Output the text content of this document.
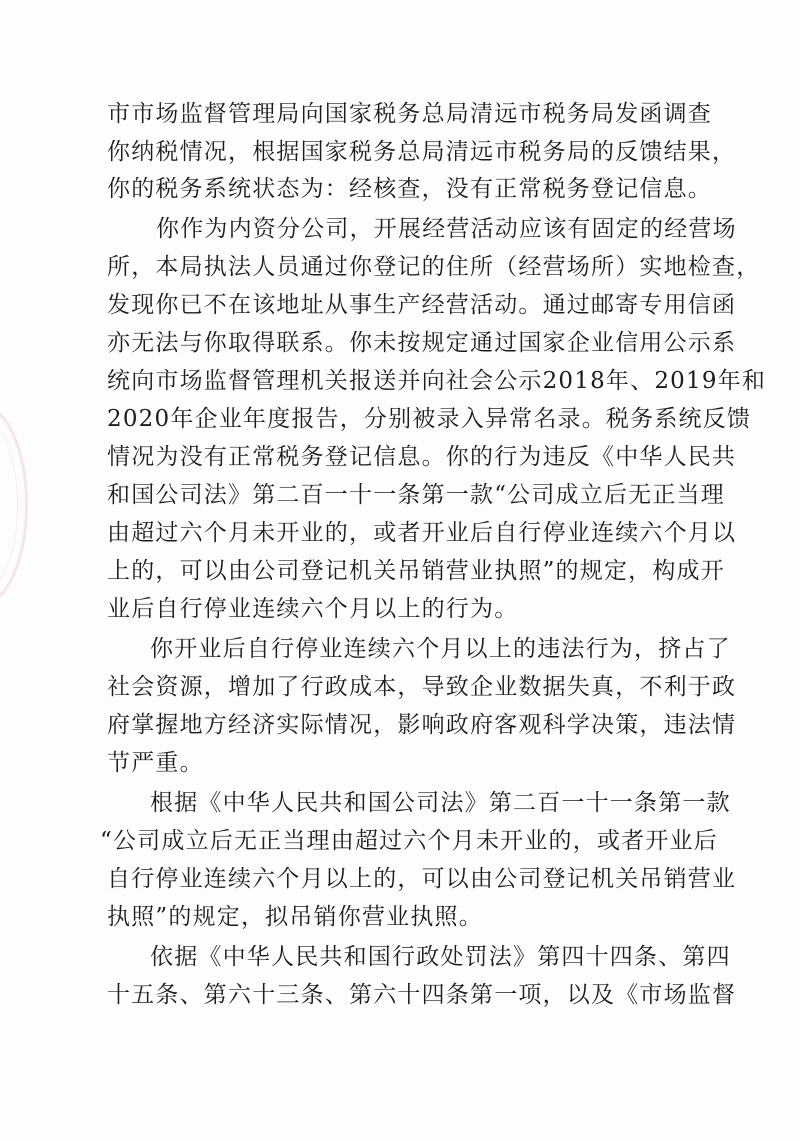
市市场监督管理局向国家税务总局清远市税务局发函调查
你纳税情况，根据国家税务总局清远市税务局的反馈结果，
你的税务系统状态为：经核查，没有正常税务登记信息。
你作为内资分公司，开展经营活动应该有固定的经营场
所，本局执法人员通过你登记的住所（经营场所）实地检查，
发现你已不在该地址从事生产经营活动。通过邮寄专用信函
亦无法与你取得联系。你未按规定通过国家企业信用公示系
统向市场监督管理机关报送并向社会公示2018年、2019年和
2020年企业年度报告，分别被录入异常名录。税务系统反馈
情况为没有正常税务登记信息。你的行为违反《中华人民共
和国公司法》第二百一十一条第一款“公司成立后无正当理
由超过六个月未开业的，或者开业后自行停业连续六个月以
上的，可以由公司登记机关吊销营业执照”的规定，构成开
业后自行停业连续六个月以上的行为。
你开业后自行停业连续六个月以上的违法行为，挤占了
社会资源，增加了行政成本，导致企业数据失真，不利于政
府掌握地方经济实际情况，影响政府客观科学决策，违法情
节严重。
根据《中华人民共和国公司法》第二百一十一条第一款
“公司成立后无正当理由超过六个月未开业的，或者开业后
自行停业连续六个月以上的，可以由公司登记机关吊销营业
执照”的规定，拟吊销你营业执照。
依据《中华人民共和国行政处罚法》第四十四条、第四
十五条、第六十三条、第六十四条第一项，以及《市场监督
